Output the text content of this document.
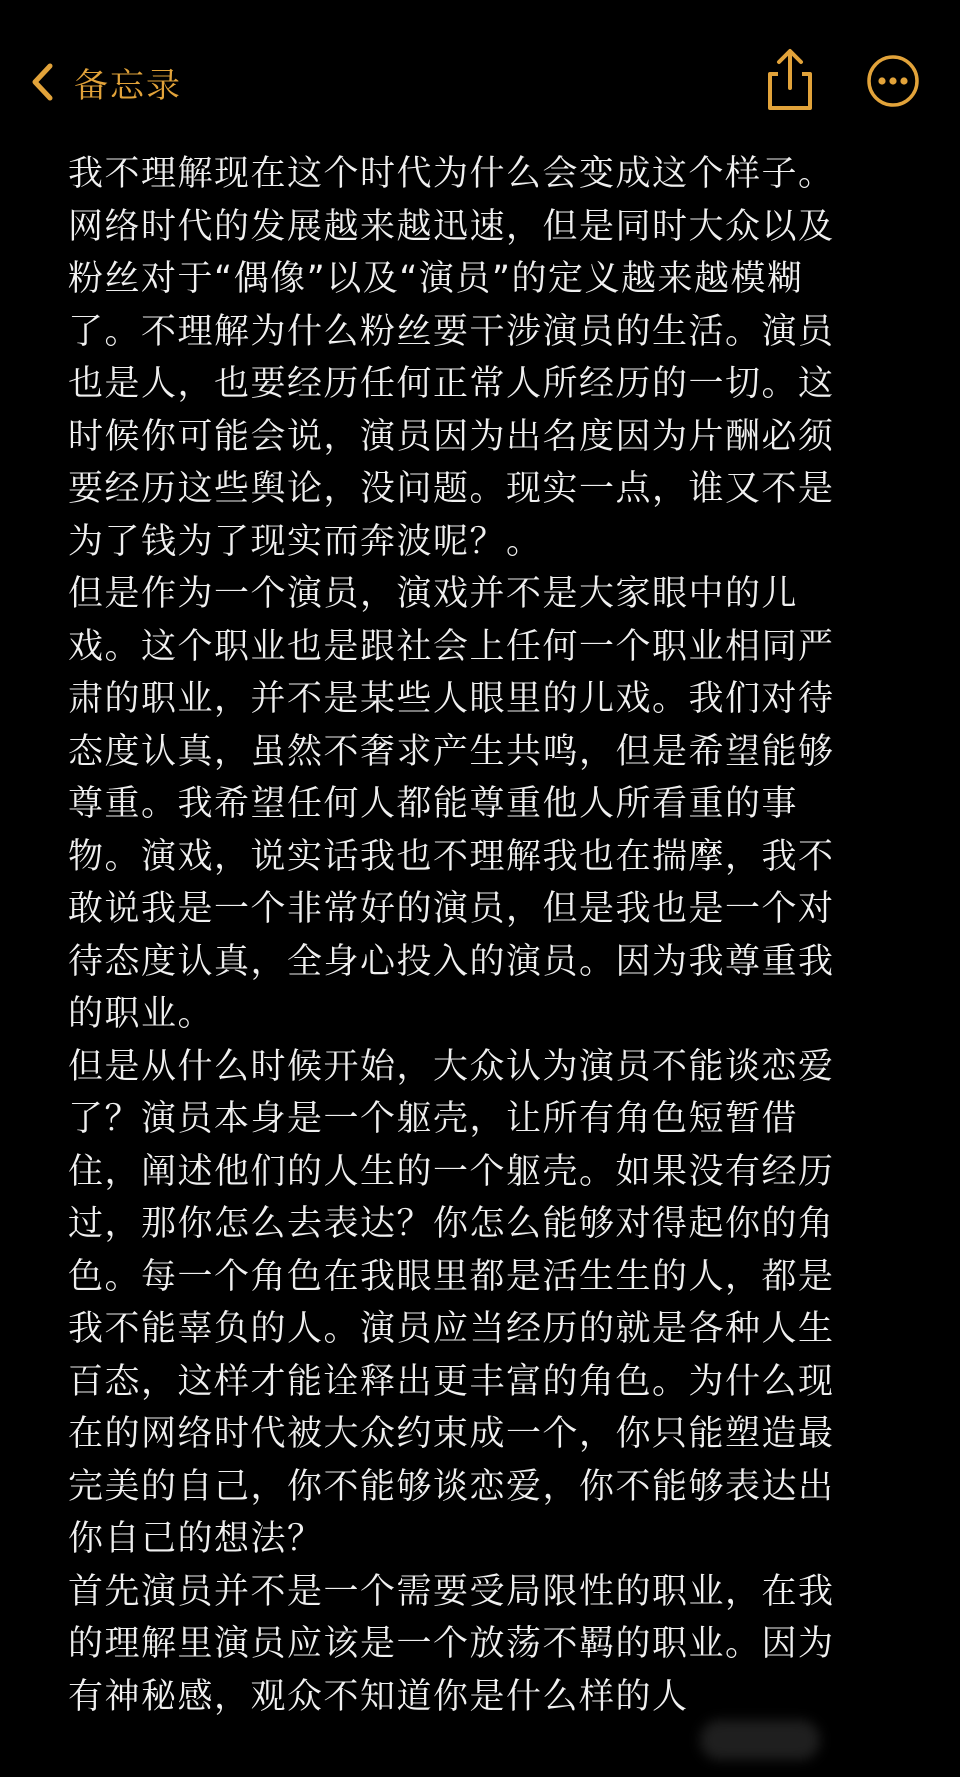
备忘录
我不理解现在这个时代为什么会变成这个样子。
网络时代的发展越来越迅速，但是同时大众以及
粉丝对于“偶像”以及“演员”的定义越来越模糊
了。不理解为什么粉丝要干涉演员的生活。演员
也是人，也要经历任何正常人所经历的一切。这
时候你可能会说，演员因为出名度因为片酬必须
要经历这些舆论，没问题。现实一点，谁又不是
为了钱为了现实而奔波呢？。
但是作为一个演员，演戏并不是大家眼中的儿
戏。这个职业也是跟社会上任何一个职业相同严
肃的职业，并不是某些人眼里的儿戏。我们对待
态度认真，虽然不奢求产生共鸣，但是希望能够
尊重。我希望任何人都能尊重他人所看重的事
物。演戏，说实话我也不理解我也在揣摩，我不
敢说我是一个非常好的演员，但是我也是一个对
待态度认真，全身心投入的演员。因为我尊重我
的职业。
但是从什么时候开始，大众认为演员不能谈恋爱
了？演员本身是一个躯壳，让所有角色短暂借
住，阐述他们的人生的一个躯壳。如果没有经历
过，那你怎么去表达？你怎么能够对得起你的角
色。每一个角色在我眼里都是活生生的人，都是
我不能辜负的人。演员应当经历的就是各种人生
百态，这样才能诠释出更丰富的角色。为什么现
在的网络时代被大众约束成一个，你只能塑造最
完美的自己，你不能够谈恋爱，你不能够表达出
你自己的想法？
首先演员并不是一个需要受局限性的职业，在我
的理解里演员应该是一个放荡不羁的职业。因为
有神秘感，观众不知道你是什么样的人
